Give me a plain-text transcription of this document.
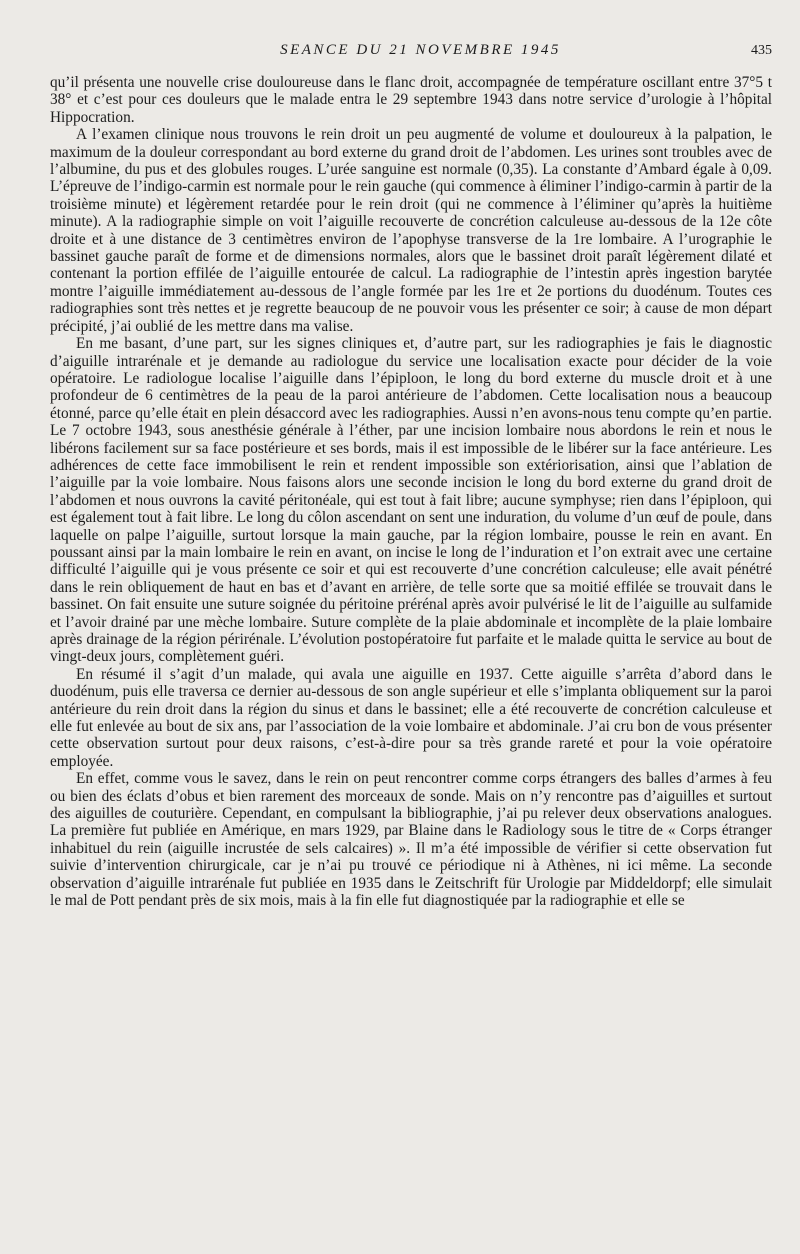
SEANCE DU 21 NOVEMBRE 1945	435

qu’il présenta une nouvelle crise douloureuse dans le flanc droit, accompagnée de température oscillant entre 37°5 t 38° et c’est pour ces douleurs que le malade entra le 29 septembre 1943 dans notre service d’urologie à l’hôpital Hippocration.

A l’examen clinique nous trouvons le rein droit un peu augmenté de volume et douloureux à la palpation, le maximum de la douleur correspondant au bord externe du grand droit de l’abdomen. Les urines sont troubles avec de l’albumine, du pus et des globules rouges. L’urée sanguine est normale (0,35). La constante d’Ambard égale à 0,09. L’épreuve de l’indigo-carmin est normale pour le rein gauche (qui commence à éliminer l’indigo-carmin à partir de la troisième minute) et légèrement retardée pour le rein droit (qui ne commence à l’éliminer qu’après la huitième minute). A la radiographie simple on voit l’aiguille recouverte de concrétion calculeuse au-dessous de la 12e côte droite et à une distance de 3 centimètres environ de l’apophyse transverse de la 1re lombaire. A l’urographie le bassinet gauche paraît de forme et de dimensions normales, alors que le bassinet droit paraît légèrement dilaté et contenant la portion effilée de l’aiguille entourée de calcul. La radiographie de l’intestin après ingestion barytée montre l’aiguille immédiatement au-dessous de l’angle formée par les 1re et 2e portions du duodénum. Toutes ces radiographies sont très nettes et je regrette beaucoup de ne pouvoir vous les présenter ce soir; à cause de mon départ précipité, j’ai oublié de les mettre dans ma valise.

En me basant, d’une part, sur les signes cliniques et, d’autre part, sur les radiographies je fais le diagnostic d’aiguille intrarénale et je demande au radiologue du service une localisation exacte pour décider de la voie opératoire. Le radiologue localise l’aiguille dans l’épiploon, le long du bord externe du muscle droit et à une profondeur de 6 centimètres de la peau de la paroi antérieure de l’abdomen. Cette localisation nous a beaucoup étonné, parce qu’elle était en plein désaccord avec les radiographies. Aussi n’en avons-nous tenu compte qu’en partie. Le 7 octobre 1943, sous anesthésie générale à l’éther, par une incision lombaire nous abordons le rein et nous le libérons facilement sur sa face postérieure et ses bords, mais il est impossible de le libérer sur la face antérieure. Les adhérences de cette face immobilisent le rein et rendent impossible son extériorisation, ainsi que l’ablation de l’aiguille par la voie lombaire. Nous faisons alors une seconde incision le long du bord externe du grand droit de l’abdomen et nous ouvrons la cavité péritonéale, qui est tout à fait libre; aucune symphyse; rien dans l’épiploon, qui est également tout à fait libre. Le long du côlon ascendant on sent une induration, du volume d’un œuf de poule, dans laquelle on palpe l’aiguille, surtout lorsque la main gauche, par la région lombaire, pousse le rein en avant. En poussant ainsi par la main lombaire le rein en avant, on incise le long de l’induration et l’on extrait avec une certaine difficulté l’aiguille qui je vous présente ce soir et qui est recouverte d’une concrétion calculeuse; elle avait pénétré dans le rein obliquement de haut en bas et d’avant en arrière, de telle sorte que sa moitié effilée se trouvait dans le bassinet. On fait ensuite une suture soignée du péritoine prérénal après avoir pulvérisé le lit de l’aiguille au sulfamide et l’avoir drainé par une mèche lombaire. Suture complète de la plaie abdominale et incomplète de la plaie lombaire après drainage de la région périrénale. L’évolution postopératoire fut parfaite et le malade quitta le service au bout de vingt-deux jours, complètement guéri.

En résumé il s’agit d’un malade, qui avala une aiguille en 1937. Cette aiguille s’arrêta d’abord dans le duodénum, puis elle traversa ce dernier au-dessous de son angle supérieur et elle s’implanta obliquement sur la paroi antérieure du rein droit dans la région du sinus et dans le bassinet; elle a été recouverte de concrétion calculeuse et elle fut enlevée au bout de six ans, par l’association de la voie lombaire et abdominale. J’ai cru bon de vous présenter cette observation surtout pour deux raisons, c’est-à-dire pour sa très grande rareté et pour la voie opératoire employée.

En effet, comme vous le savez, dans le rein on peut rencontrer comme corps étrangers des balles d’armes à feu ou bien des éclats d’obus et bien rarement des morceaux de sonde. Mais on n’y rencontre pas d’aiguilles et surtout des aiguilles de couturière. Cependant, en compulsant la bibliographie, j’ai pu relever deux observations analogues. La première fut publiée en Amérique, en mars 1929, par Blaine dans le Radiology sous le titre de « Corps étranger inhabituel du rein (aiguille incrustée de sels calcaires) ». Il m’a été impossible de vérifier si cette observation fut suivie d’intervention chirurgicale, car je n’ai pu trouvé ce périodique ni à Athènes, ni ici même. La seconde observation d’aiguille intrarénale fut publiée en 1935 dans le Zeitschrift für Urologie par Middeldorpf; elle simulait le mal de Pott pendant près de six mois, mais à la fin elle fut diagnostiquée par la radiographie et elle se
